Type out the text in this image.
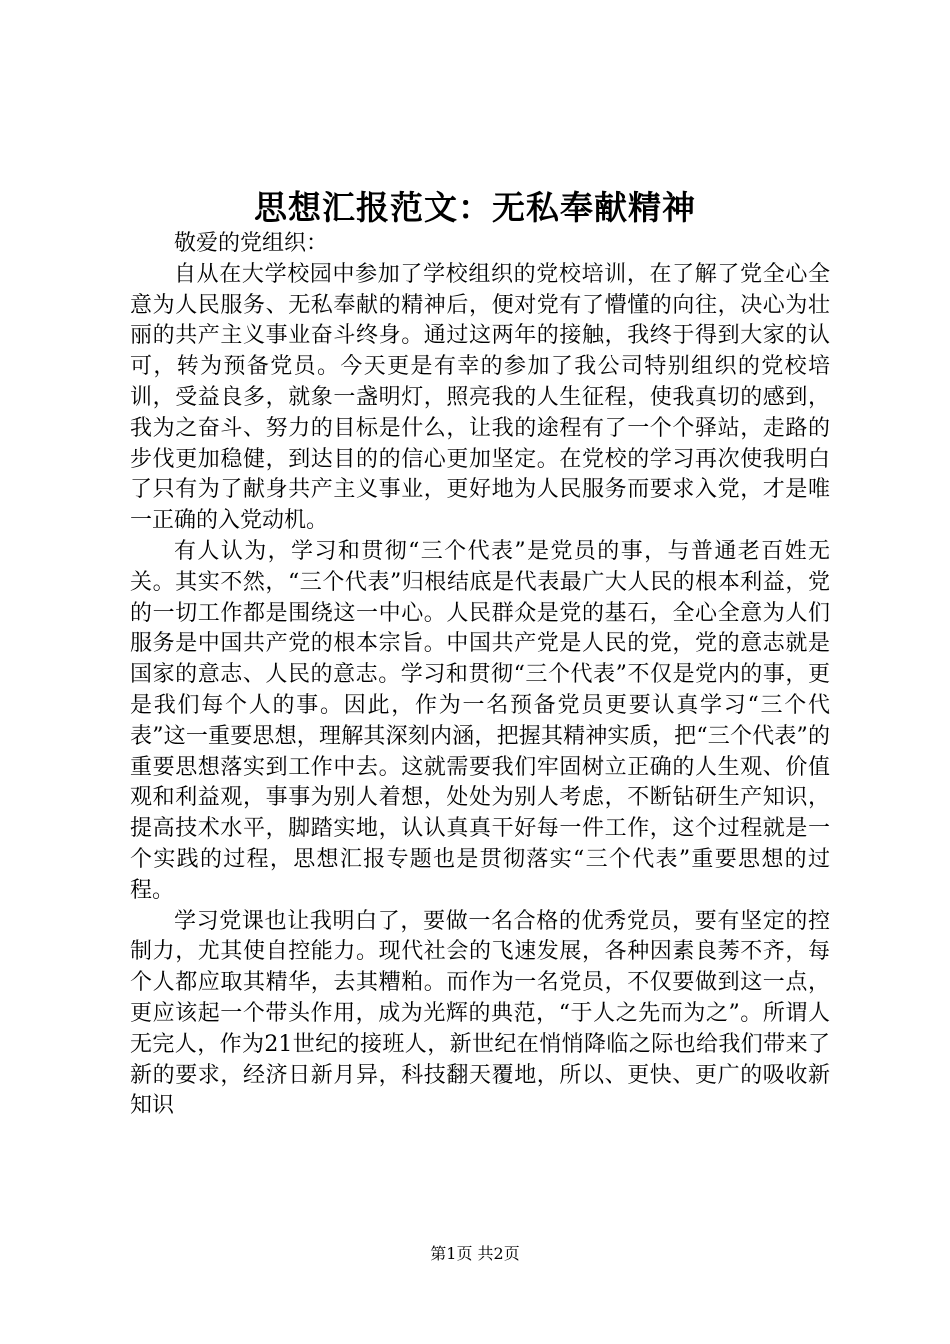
思想汇报范文：无私奉献精神
敬爱的党组织：

自从在大学校园中参加了学校组织的党校培训，在了解了党全心全意为人民服务、无私奉献的精神后，便对党有了懵懂的向往，决心为壮丽的共产主义事业奋斗终身。通过这两年的接触，我终于得到大家的认可，转为预备党员。今天更是有幸的参加了我公司特别组织的党校培训，受益良多，就象一盏明灯，照亮我的人生征程，使我真切的感到，我为之奋斗、努力的目标是什么，让我的途程有了一个个驿站，走路的步伐更加稳健，到达目的的信心更加坚定。在党校的学习再次使我明白了只有为了献身共产主义事业，更好地为人民服务而要求入党，才是唯一正确的入党动机。

有人认为，学习和贯彻“三个代表”是党员的事，与普通老百姓无关。其实不然，“三个代表”归根结底是代表最广大人民的根本利益，党的一切工作都是围绕这一中心。人民群众是党的基石，全心全意为人们服务是中国共产党的根本宗旨。中国共产党是人民的党，党的意志就是国家的意志、人民的意志。学习和贯彻“三个代表”不仅是党内的事，更是我们每个人的事。因此，作为一名预备党员更要认真学习“三个代表”这一重要思想，理解其深刻内涵，把握其精神实质，把“三个代表”的重要思想落实到工作中去。这就需要我们牢固树立正确的人生观、价值观和利益观，事事为别人着想，处处为别人考虑，不断钻研生产知识，提高技术水平，脚踏实地，认认真真干好每一件工作，这个过程就是一个实践的过程，思想汇报专题也是贯彻落实“三个代表”重要思想的过程。

学习党课也让我明白了，要做一名合格的优秀党员，要有坚定的控制力，尤其使自控能力。现代社会的飞速发展，各种因素良莠不齐，每个人都应取其精华，去其糟粕。而作为一名党员，不仅要做到这一点，更应该起一个带头作用，成为光辉的典范，“于人之先而为之”。所谓人无完人，作为21世纪的接班人，新世纪在悄悄降临之际也给我们带来了新的要求，经济日新月异，科技翻天覆地，所以、更快、更广的吸收新知识

第1页 共2页
